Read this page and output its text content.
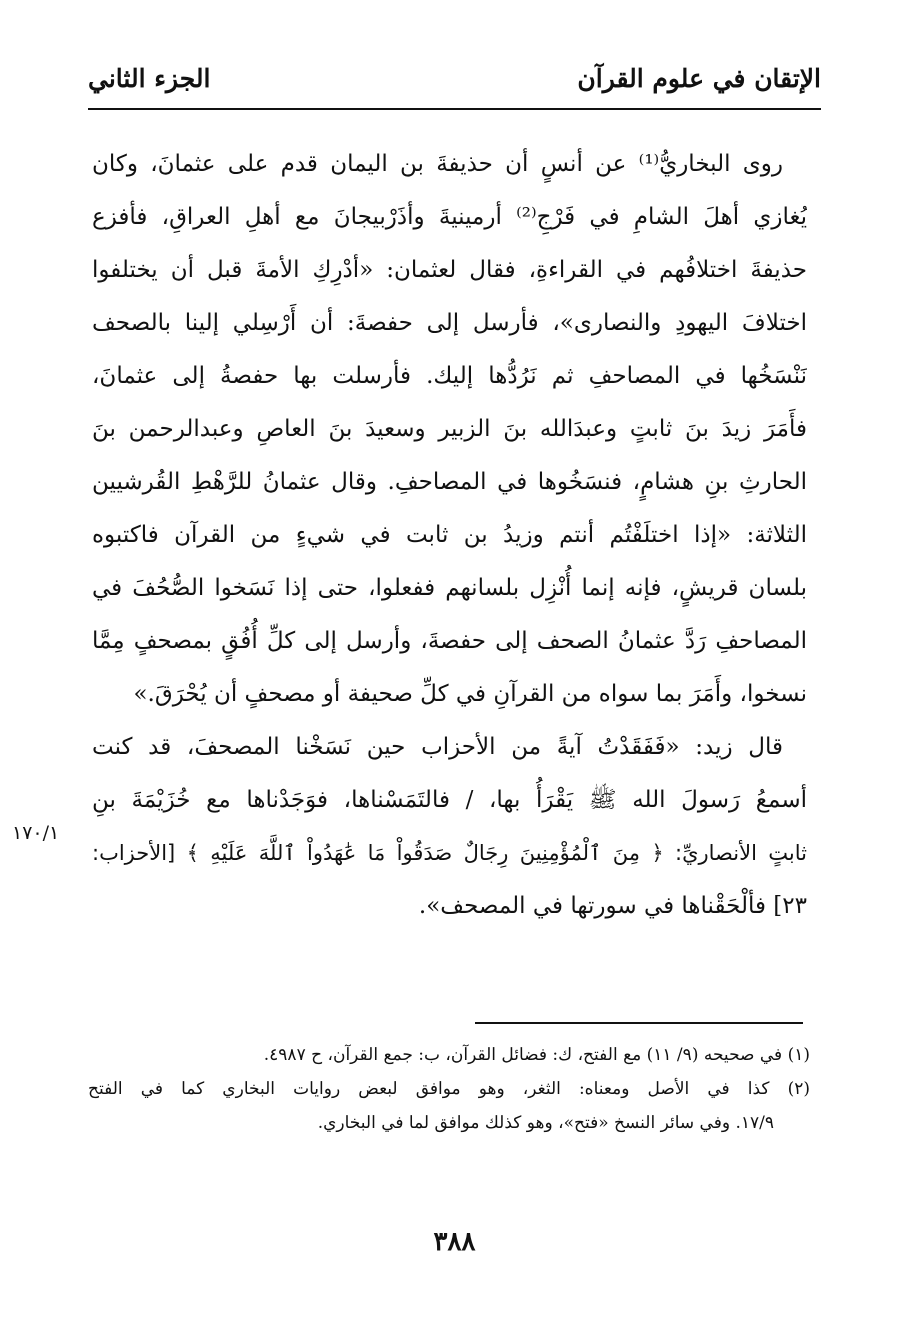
الإتقان في علوم القرآن
الجزء الثاني
روى البخاريُّ⁽¹⁾ عن أنسٍ أن حذيفةَ بن اليمان قدم على عثمانَ، وكان
يُغازي أهلَ الشامِ في فَرْجِ⁽²⁾ أرمينيةَ وأذَرْبيجانَ مع أهلِ العراقِ، فأفزع
حذيفةَ اختلافُهم في القراءةِ، فقال لعثمان: «أدْرِكِ الأمةَ قبل أن يختلفوا
اختلافَ اليهودِ والنصارى»، فأرسل إلى حفصةَ: أن أَرْسِلي إلينا بالصحف
نَنْسَخُها في المصاحفِ ثم نَرُدُّها إليك. فأرسلت بها حفصةُ إلى عثمانَ،
فأَمَرَ زيدَ بنَ ثابتٍ وعبدَالله بنَ الزبير وسعيدَ بنَ العاصِ وعبدالرحمن بنَ
الحارثِ بنِ هشامٍ، فنسَخُوها في المصاحفِ. وقال عثمانُ للرَّهْطِ القُرشيين
الثلاثة: «إذا اختلَفْتُم أنتم وزيدُ بن ثابت في شيءٍ من القرآن فاكتبوه
بلسان قريشٍ، فإنه إنما أُنْزِل بلسانهم ففعلوا، حتى إذا نَسَخوا الصُّحُفَ في
المصاحفِ رَدَّ عثمانُ الصحف إلى حفصةَ، وأرسل إلى كلِّ أُفُقٍ بمصحفٍ مِمَّا
نسخوا، وأَمَرَ بما سواه من القرآنِ في كلِّ صحيفة أو مصحفٍ أن يُحْرَقَ.»
قال زيد: «فَفَقَدْتُ آيةً من الأحزاب حين نَسَخْنا المصحفَ، قد كنت
أسمعُ رَسولَ الله ﷺ يَقْرَأُ بها، / فالتَمَسْناها، فوَجَدْناها مع خُزَيْمَةَ بنِ
ثابتٍ الأنصاريِّ: ﴿ مِنَ ٱلْمُؤْمِنِينَ رِجَالٌ صَدَقُواْ مَا عَٰهَدُواْ ٱللَّهَ عَلَيْهِ ﴾ [الأحزاب:
٢٣] فألْحَقْناها في سورتها في المصحف».
١٧٠/١
(١) في صحيحه (٩/ ١١) مع الفتح، ك: فضائل القرآن، ب: جمع القرآن، ح ٤٩٨٧.
(٢) كذا في الأصل ومعناه: الثغر، وهو موافق لبعض روايات البخاري كما في الفتح
١٧/٩. وفي سائر النسخ «فتح»، وهو كذلك موافق لما في البخاري.
٣٨٨
